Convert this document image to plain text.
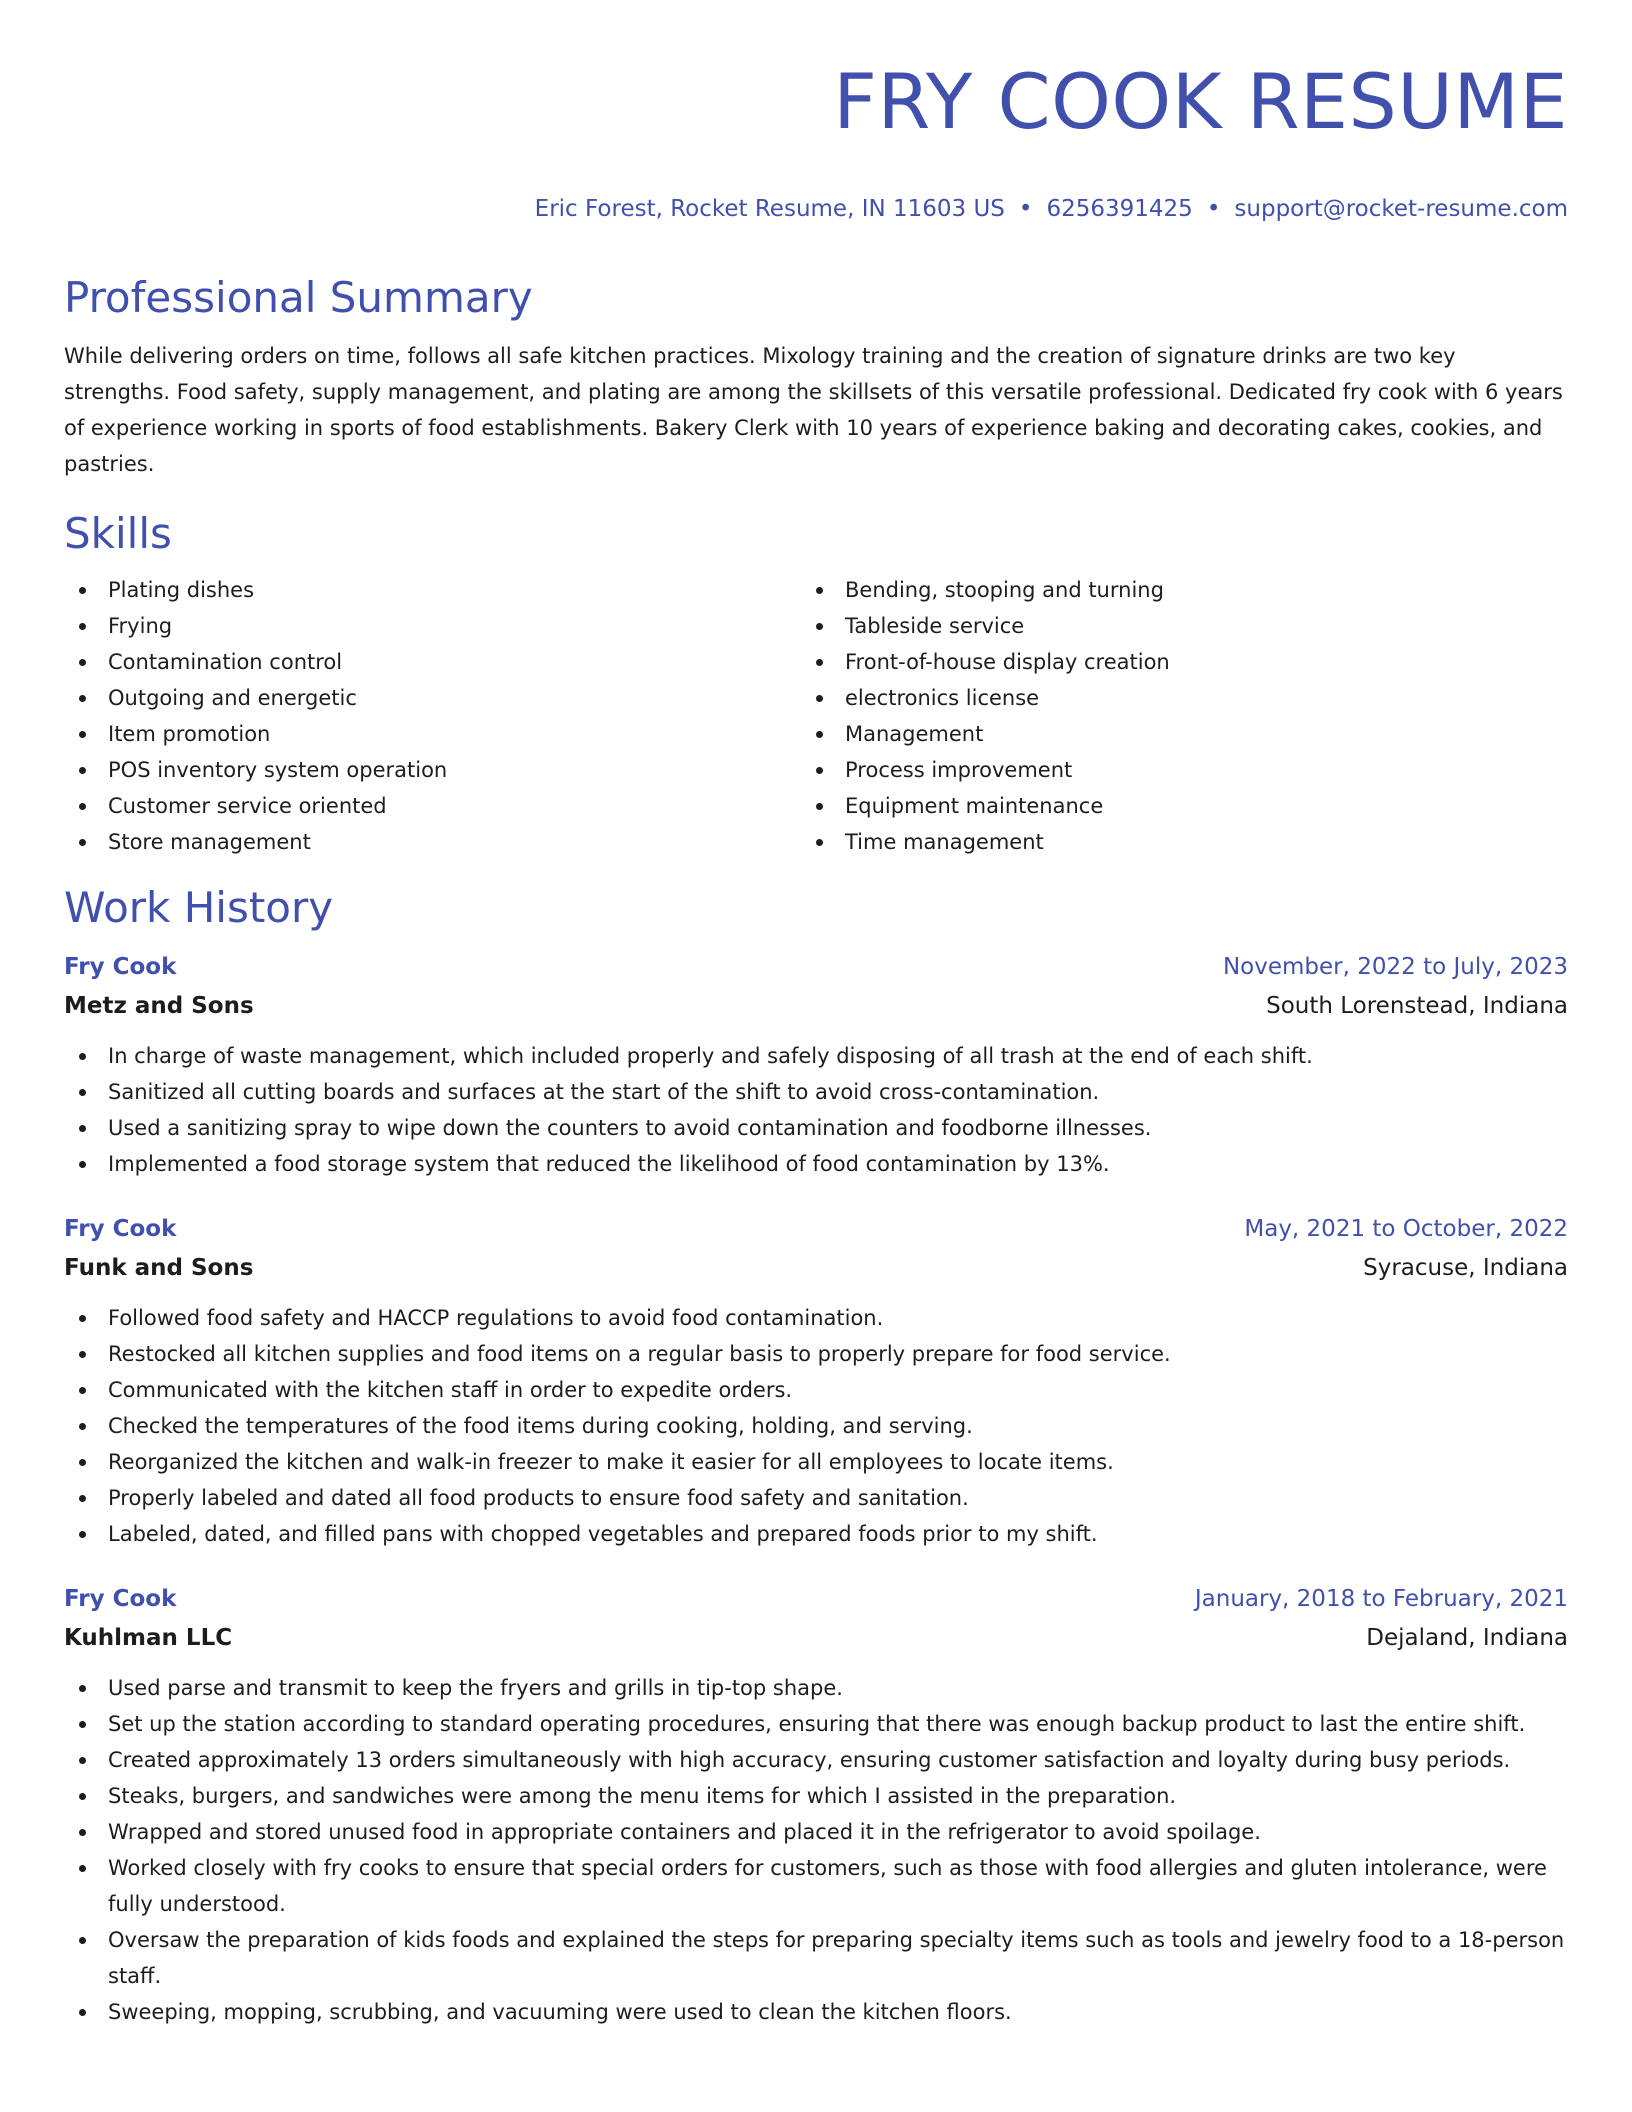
FRY COOK RESUME
Eric Forest, Rocket Resume, IN 11603 US • 6256391425 • support@rocket-resume.com
Professional Summary

While delivering orders on time, follows all safe kitchen practices. Mixology training and the creation of signature drinks are two key strengths. Food safety, supply management, and plating are among the skillsets of this versatile professional. Dedicated fry cook with 6 years of experience working in sports of food establishments. Bakery Clerk with 10 years of experience baking and decorating cakes, cookies, and pastries.

Skills
Plating dishes
Frying
Contamination control
Outgoing and energetic
Item promotion
POS inventory system operation
Customer service oriented
Store management
Bending, stooping and turning
Tableside service
Front-of-house display creation
electronics license
Management
Process improvement
Equipment maintenance
Time management
Work History
Fry Cook	November, 2022 to July, 2023
Metz and Sons	South Lorenstead, Indiana
In charge of waste management, which included properly and safely disposing of all trash at the end of each shift.
Sanitized all cutting boards and surfaces at the start of the shift to avoid cross-contamination.
Used a sanitizing spray to wipe down the counters to avoid contamination and foodborne illnesses.
Implemented a food storage system that reduced the likelihood of food contamination by 13%.
Fry Cook	May, 2021 to October, 2022
Funk and Sons	Syracuse, Indiana
Followed food safety and HACCP regulations to avoid food contamination.
Restocked all kitchen supplies and food items on a regular basis to properly prepare for food service.
Communicated with the kitchen staff in order to expedite orders.
Checked the temperatures of the food items during cooking, holding, and serving.
Reorganized the kitchen and walk-in freezer to make it easier for all employees to locate items.
Properly labeled and dated all food products to ensure food safety and sanitation.
Labeled, dated, and filled pans with chopped vegetables and prepared foods prior to my shift.
Fry Cook	January, 2018 to February, 2021
Kuhlman LLC	Dejaland, Indiana
Used parse and transmit to keep the fryers and grills in tip-top shape.
Set up the station according to standard operating procedures, ensuring that there was enough backup product to last the entire shift.
Created approximately 13 orders simultaneously with high accuracy, ensuring customer satisfaction and loyalty during busy periods.
Steaks, burgers, and sandwiches were among the menu items for which I assisted in the preparation.
Wrapped and stored unused food in appropriate containers and placed it in the refrigerator to avoid spoilage.
Worked closely with fry cooks to ensure that special orders for customers, such as those with food allergies and gluten intolerance, were fully understood.
Oversaw the preparation of kids foods and explained the steps for preparing specialty items such as tools and jewelry food to a 18-person staff.
Sweeping, mopping, scrubbing, and vacuuming were used to clean the kitchen floors.
